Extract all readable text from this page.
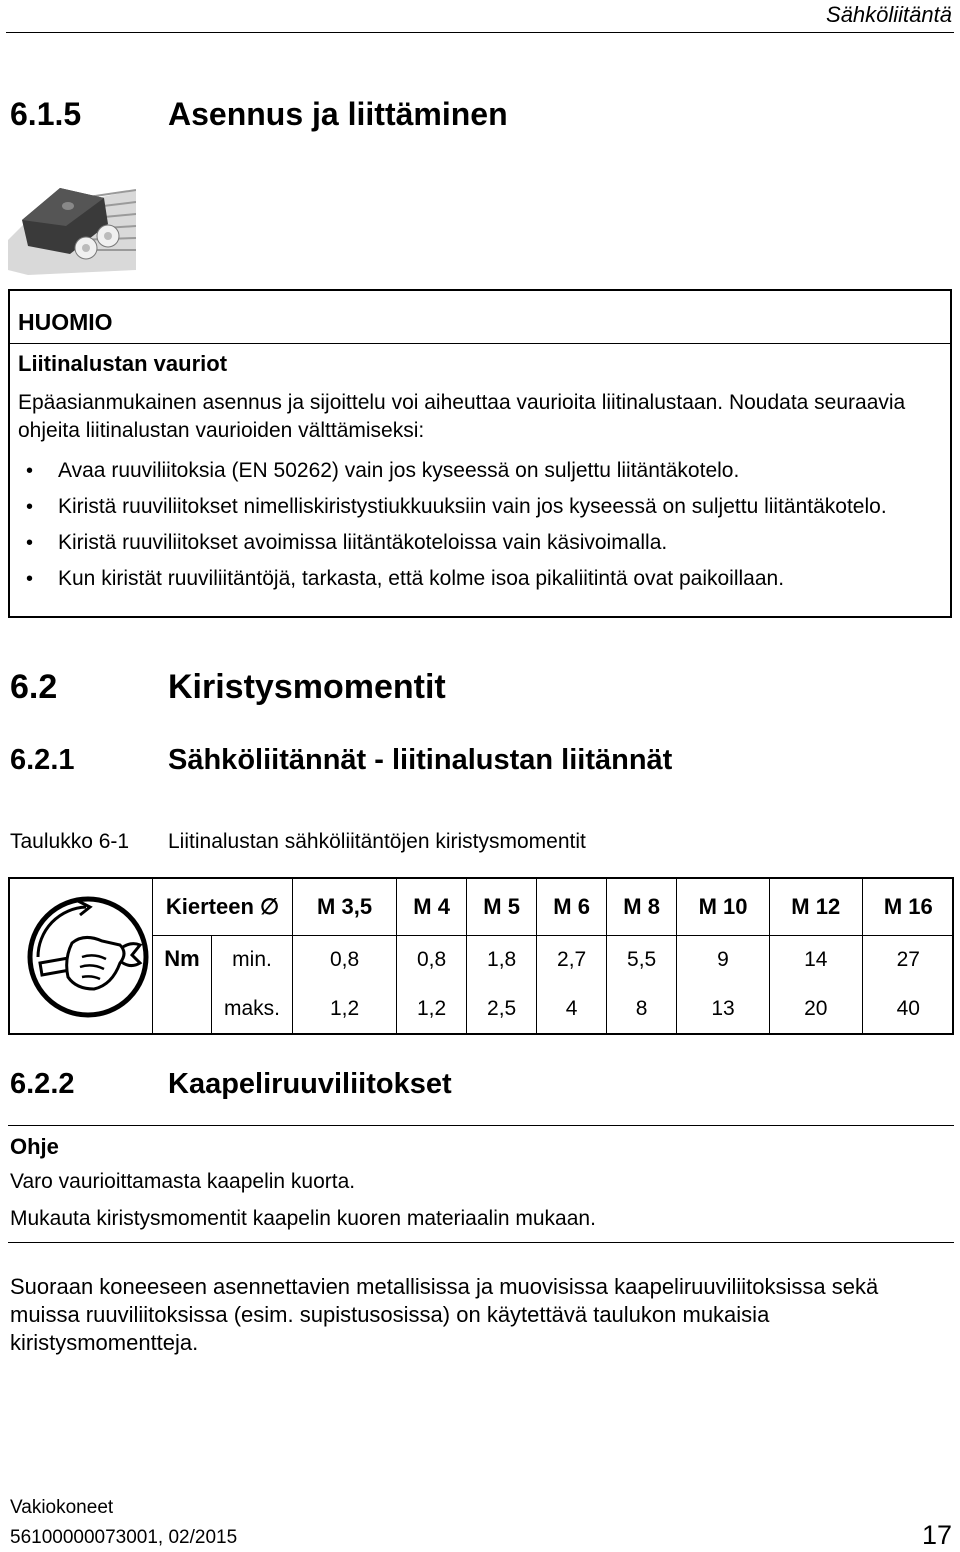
Sähköliitäntä
6.1.5	Asennus ja liittäminen
HUOMIO
Liitinalustan vauriot
Epäasianmukainen asennus ja sijoittelu voi aiheuttaa vaurioita liitinalustaan. Noudata seuraavia ohjeita liitinalustan vaurioiden välttämiseksi:
• Avaa ruuviliitoksia (EN 50262) vain jos kyseessä on suljettu liitäntäkotelo.
• Kiristä ruuviliitokset nimelliskiristystiukkuuksiin vain jos kyseessä on suljettu liitäntäkotelo.
• Kiristä ruuviliitokset avoimissa liitäntäkoteloissa vain käsivoimalla.
• Kun kiristät ruuviliitäntöjä, tarkasta, että kolme isoa pikaliitintä ovat paikoillaan.
6.2	Kiristysmomentit
6.2.1	Sähköliitännät - liitinalustan liitännät
Taulukko 6-1 Liitinalustan sähköliitäntöjen kiristysmomentit
Kierteen ∅		M 3,5	M 4	M 5	M 6	M 8	M 10	M 12	M 16
Nm	min.	0,8	0,8	1,8	2,7	5,5	9	14	27
	maks.	1,2	1,2	2,5	4	8	13	20	40
6.2.2	Kaapeliruuviliitokset
Ohje
Varo vaurioittamasta kaapelin kuorta.
Mukauta kiristysmomentit kaapelin kuoren materiaalin mukaan.
Suoraan koneeseen asennettavien metallisissa ja muovisissa kaapeliruuviliitoksissa sekä muissa ruuviliitoksissa (esim. supistusosissa) on käytettävä taulukon mukaisia kiristysmomentteja.
Vakiokoneet
56100000073001, 02/2015	17
